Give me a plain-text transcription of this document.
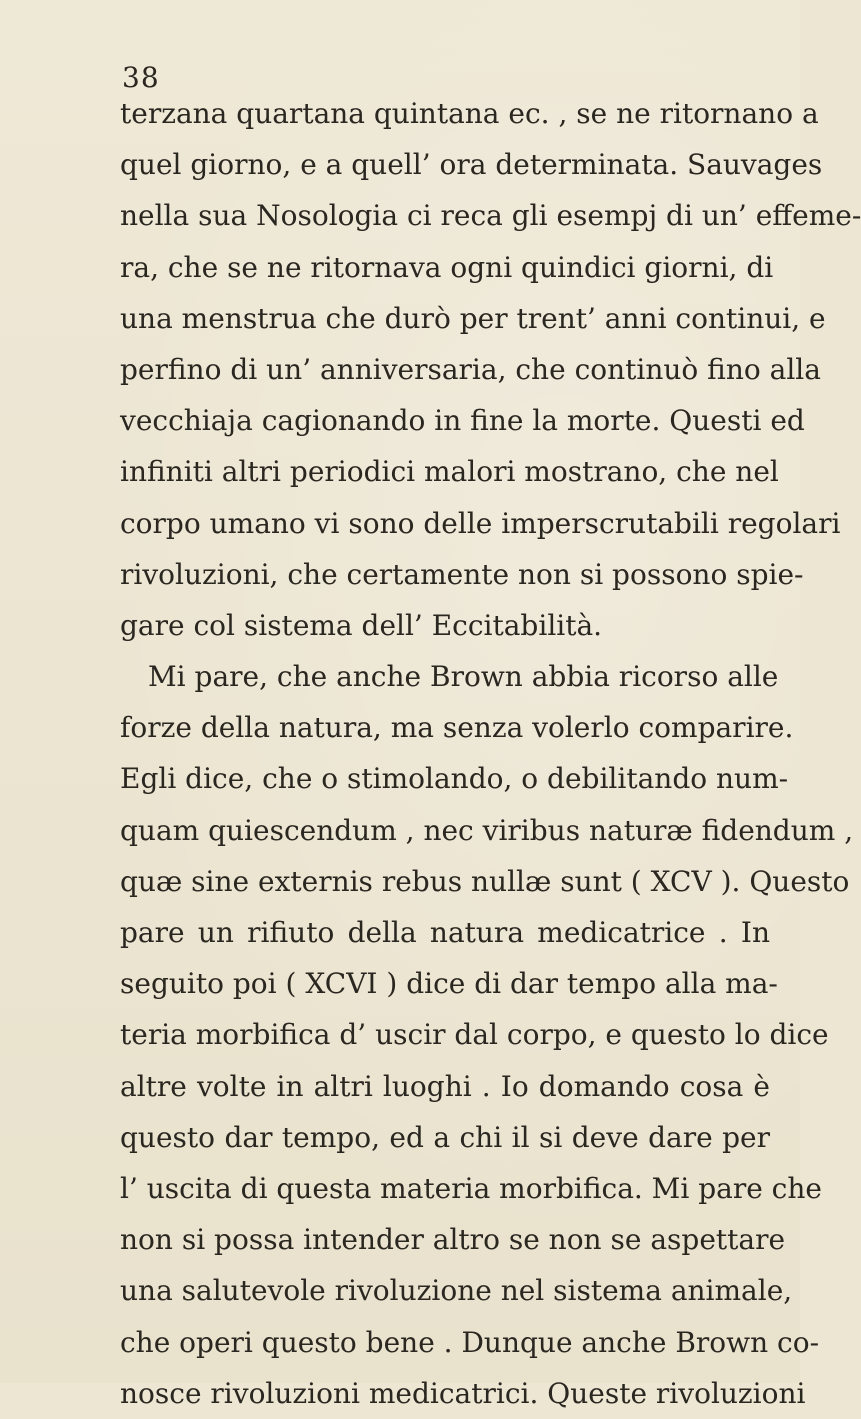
38
terzana quartana quintana ec. , se ne ritornano a
quel giorno, e a quell’ ora determinata. Sauvages
nella sua Nosologia ci reca gli esempj di un’ effeme-
ra, che se ne ritornava ogni quindici giorni, di
una menstrua che durò per trent’ anni continui, e
perfino di un’ anniversaria, che continuò fino alla
vecchiaja cagionando in fine la morte. Questi ed
infiniti altri periodici malori mostrano, che nel
corpo umano vi sono delle imperscrutabili regolari
rivoluzioni, che certamente non si possono spie-
gare col sistema dell’ Eccitabilità.
Mi pare, che anche Brown abbia ricorso alle
forze della natura, ma senza volerlo comparire.
Egli dice, che o stimolando, o debilitando num-
quam quiescendum , nec viribus naturæ fidendum ,
quæ sine externis rebus nullæ sunt ( XCV ). Questo
pare un rifiuto della natura medicatrice . In
seguito poi ( XCVI ) dice di dar tempo alla ma-
teria morbifica d’ uscir dal corpo, e questo lo dice
altre volte in altri luoghi . Io domando cosa è
questo dar tempo, ed a chi il si deve dare per
l’ uscita di questa materia morbifica. Mi pare che
non si possa intender altro se non se aspettare
una salutevole rivoluzione nel sistema animale,
che operi questo bene . Dunque anche Brown co-
nosce rivoluzioni medicatrici. Queste rivoluzioni
